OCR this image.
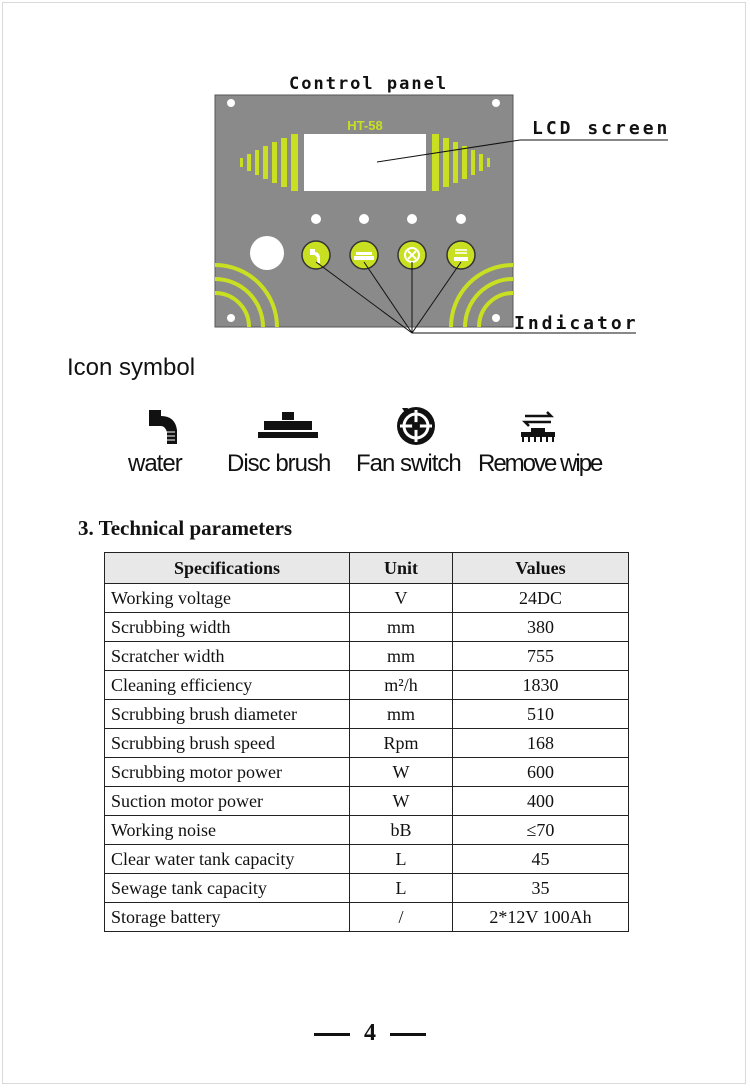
Control panel
HT-58	LCD screen
Indicator
Icon symbol
water Disc brush Fan switch Remove wipe
3. Technical parameters
Specifications	Unit	Values
Working voltage	V	24DC
Scrubbing width	mm	380
Scratcher width	mm	755
Cleaning efficiency	m²/h	1830
Scrubbing brush diameter	mm	510
Scrubbing brush speed	Rpm	168
Scrubbing motor power	W	600
Suction motor power	W	400
Working noise	bB	≤70
Clear water tank capacity	L	45
Sewage tank capacity	L	35
Storage battery	/	2*12V 100Ah
4
